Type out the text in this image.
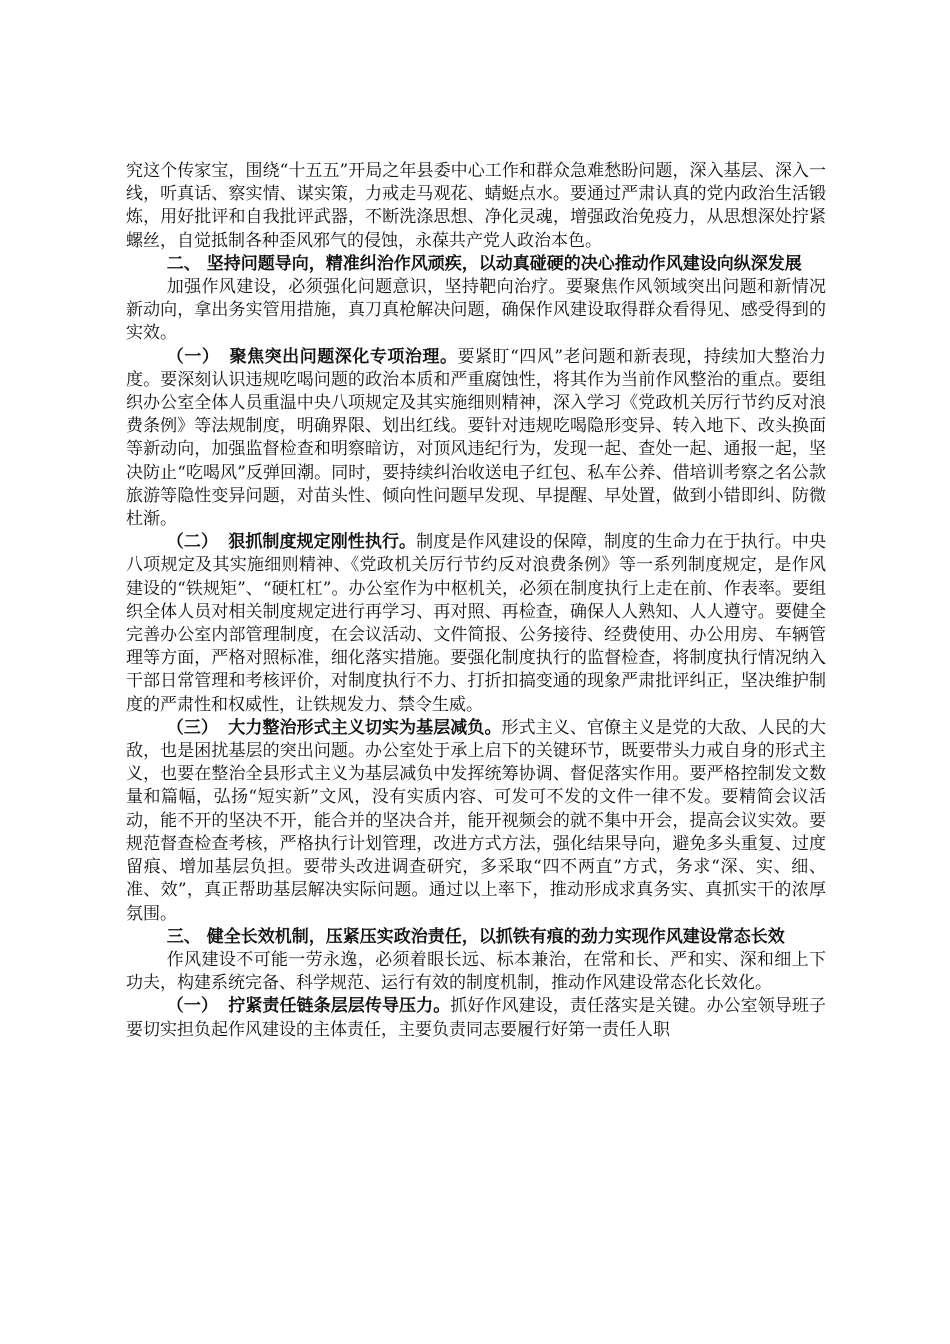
究这个传家宝，围绕“十五五”开局之年县委中心工作和群众急难愁盼问题，深入基层、深入一线，听真话、察实情、谋实策，力戒走马观花、蜻蜓点水。要通过严肃认真的党内政治生活锻炼，用好批评和自我批评武器，不断洗涤思想、净化灵魂，增强政治免疫力，从思想深处拧紧螺丝，自觉抵制各种歪风邪气的侵蚀，永葆共产党人政治本色。

二、 坚持问题导向，精准纠治作风顽疾，以动真碰硬的决心推动作风建设向纵深发展

加强作风建设，必须强化问题意识，坚持靶向治疗。要聚焦作风领域突出问题和新情况新动向，拿出务实管用措施，真刀真枪解决问题，确保作风建设取得群众看得见、感受得到的实效。

（一） 聚焦突出问题深化专项治理。要紧盯“四风”老问题和新表现，持续加大整治力度。要深刻认识违规吃喝问题的政治本质和严重腐蚀性，将其作为当前作风整治的重点。要组织办公室全体人员重温中央八项规定及其实施细则精神，深入学习《党政机关厉行节约反对浪费条例》等法规制度，明确界限、划出红线。要针对违规吃喝隐形变异、转入地下、改头换面等新动向，加强监督检查和明察暗访，对顶风违纪行为，发现一起、查处一起、通报一起，坚决防止“吃喝风”反弹回潮。同时，要持续纠治收送电子红包、私车公养、借培训考察之名公款旅游等隐性变异问题，对苗头性、倾向性问题早发现、早提醒、早处置，做到小错即纠、防微杜渐。

（二） 狠抓制度规定刚性执行。制度是作风建设的保障，制度的生命力在于执行。中央八项规定及其实施细则精神、《党政机关厉行节约反对浪费条例》等一系列制度规定，是作风建设的“铁规矩”、“硬杠杠”。办公室作为中枢机关，必须在制度执行上走在前、作表率。要组织全体人员对相关制度规定进行再学习、再对照、再检查，确保人人熟知、人人遵守。要健全完善办公室内部管理制度，在会议活动、文件简报、公务接待、经费使用、办公用房、车辆管理等方面，严格对照标准，细化落实措施。要强化制度执行的监督检查，将制度执行情况纳入干部日常管理和考核评价，对制度执行不力、打折扣搞变通的现象严肃批评纠正，坚决维护制度的严肃性和权威性，让铁规发力、禁令生威。

（三） 大力整治形式主义切实为基层减负。形式主义、官僚主义是党的大敌、人民的大敌，也是困扰基层的突出问题。办公室处于承上启下的关键环节，既要带头力戒自身的形式主义，也要在整治全县形式主义为基层减负中发挥统筹协调、督促落实作用。要严格控制发文数量和篇幅，弘扬“短实新”文风，没有实质内容、可发可不发的文件一律不发。要精简会议活动，能不开的坚决不开，能合并的坚决合并，能开视频会的就不集中开会，提高会议实效。要规范督查检查考核，严格执行计划管理，改进方式方法，强化结果导向，避免多头重复、过度留痕、增加基层负担。要带头改进调查研究，多采取“四不两直”方式，务求“深、实、细、准、效”，真正帮助基层解决实际问题。通过以上率下，推动形成求真务实、真抓实干的浓厚氛围。

三、 健全长效机制，压紧压实政治责任，以抓铁有痕的劲力实现作风建设常态长效

作风建设不可能一劳永逸，必须着眼长远、标本兼治，在常和长、严和实、深和细上下功夫，构建系统完备、科学规范、运行有效的制度机制，推动作风建设常态化长效化。

（一） 拧紧责任链条层层传导压力。抓好作风建设，责任落实是关键。办公室领导班子要切实担负起作风建设的主体责任，主要负责同志要履行好第一责任人职
